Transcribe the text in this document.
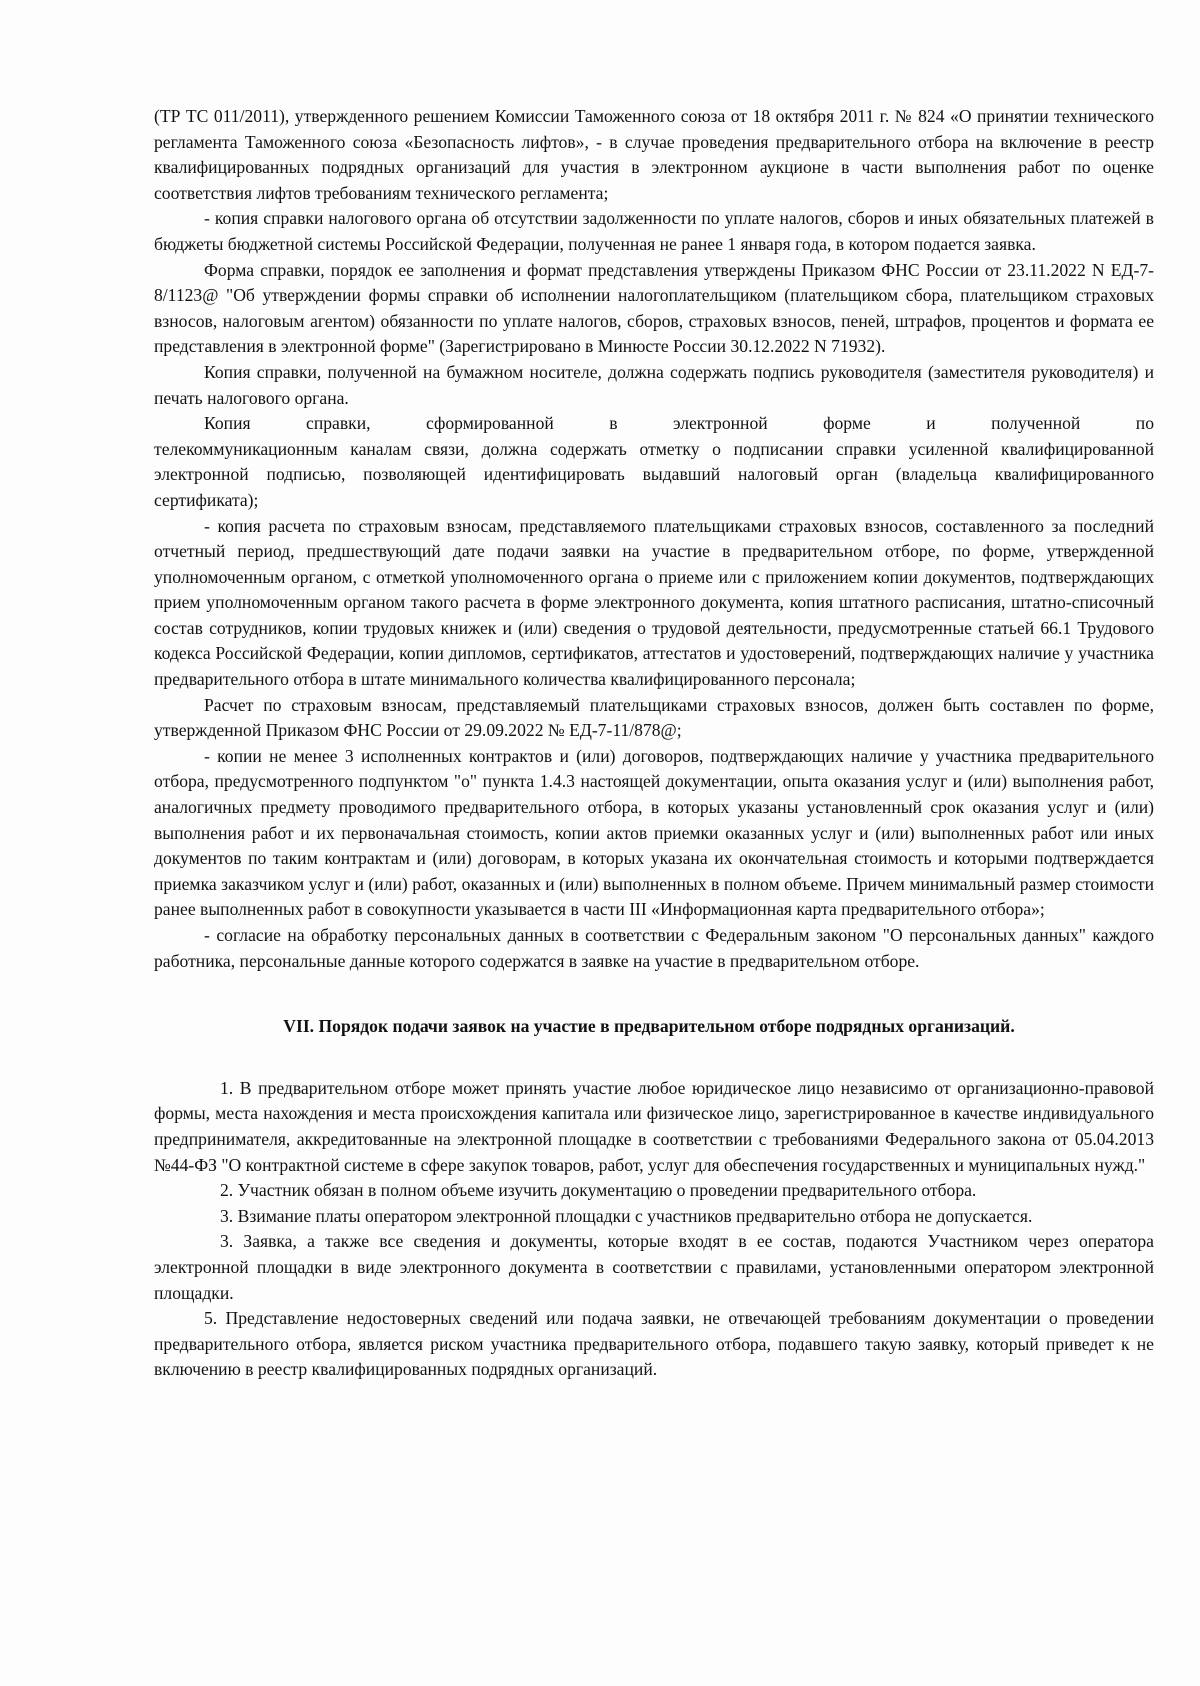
(ТР ТС 011/2011), утвержденного решением Комиссии Таможенного союза от 18 октября 2011 г. № 824 «О принятии технического регламента Таможенного союза «Безопасность лифтов», - в случае проведения предварительного отбора на включение в реестр квалифицированных подрядных организаций для участия в электронном аукционе в части выполнения работ по оценке соответствия лифтов требованиям технического регламента;

- копия справки налогового органа об отсутствии задолженности по уплате налогов, сборов и иных обязательных платежей в бюджеты бюджетной системы Российской Федерации, полученная не ранее 1 января года, в котором подается заявка.

Форма справки, порядок ее заполнения и формат представления утверждены Приказом ФНС России от 23.11.2022 N ЕД-7-8/1123@ "Об утверждении формы справки об исполнении налогоплательщиком (плательщиком сбора, плательщиком страховых взносов, налоговым агентом) обязанности по уплате налогов, сборов, страховых взносов, пеней, штрафов, процентов и формата ее представления в электронной форме" (Зарегистрировано в Минюсте России 30.12.2022 N 71932).

Копия справки, полученной на бумажном носителе, должна содержать подпись руководителя (заместителя руководителя) и печать налогового органа.

Копия справки, сформированной в электронной форме и полученной по

телекоммуникационным каналам связи, должна содержать отметку о подписании справки усиленной квалифицированной электронной подписью, позволяющей идентифицировать выдавший налоговый орган (владельца квалифицированного сертификата);

- копия расчета по страховым взносам, представляемого плательщиками страховых взносов, составленного за последний отчетный период, предшествующий дате подачи заявки на участие в предварительном отборе, по форме, утвержденной уполномоченным органом, с отметкой уполномоченного органа о приеме или с приложением копии документов, подтверждающих прием уполномоченным органом такого расчета в форме электронного документа, копия штатного расписания, штатно-списочный состав сотрудников, копии трудовых книжек и (или) сведения о трудовой деятельности, предусмотренные статьей 66.1 Трудового кодекса Российской Федерации, копии дипломов, сертификатов, аттестатов и удостоверений, подтверждающих наличие у участника предварительного отбора в штате минимального количества квалифицированного персонала;

Расчет по страховым взносам, представляемый плательщиками страховых взносов, должен быть составлен по форме, утвержденной Приказом ФНС России от 29.09.2022 № ЕД-7-11/878@;

- копии не менее 3 исполненных контрактов и (или) договоров, подтверждающих наличие у участника предварительного отбора, предусмотренного подпунктом "о" пункта 1.4.3 настоящей документации, опыта оказания услуг и (или) выполнения работ, аналогичных предмету проводимого предварительного отбора, в которых указаны установленный срок оказания услуг и (или) выполнения работ и их первоначальная стоимость, копии актов приемки оказанных услуг и (или) выполненных работ или иных документов по таким контрактам и (или) договорам, в которых указана их окончательная стоимость и которыми подтверждается приемка заказчиком услуг и (или) работ, оказанных и (или) выполненных в полном объеме. Причем минимальный размер стоимости ранее выполненных работ в совокупности указывается в части III «Информационная карта предварительного отбора»;

- согласие на обработку персональных данных в соответствии с Федеральным законом "О персональных данных" каждого работника, персональные данные которого содержатся в заявке на участие в предварительном отборе.

VII. Порядок подачи заявок на участие в предварительном отборе подрядных организаций.

1. В предварительном отборе может принять участие любое юридическое лицо независимо от организационно-правовой формы, места нахождения и места происхождения капитала или физическое лицо, зарегистрированное в качестве индивидуального предпринимателя, аккредитованные на электронной площадке в соответствии с требованиями Федерального закона от 05.04.2013 №44-ФЗ "О контрактной системе в сфере закупок товаров, работ, услуг для обеспечения государственных и муниципальных нужд."

2. Участник обязан в полном объеме изучить документацию о проведении предварительного отбора.

3. Взимание платы оператором электронной площадки с участников предварительно отбора не допускается.

3. Заявка, а также все сведения и документы, которые входят в ее состав, подаются Участником через оператора электронной площадки в виде электронного документа в соответствии с правилами, установленными оператором электронной площадки.

5. Представление недостоверных сведений или подача заявки, не отвечающей требованиям документации о проведении предварительного отбора, является риском участника предварительного отбора, подавшего такую заявку, который приведет к не включению в реестр квалифицированных подрядных организаций.
